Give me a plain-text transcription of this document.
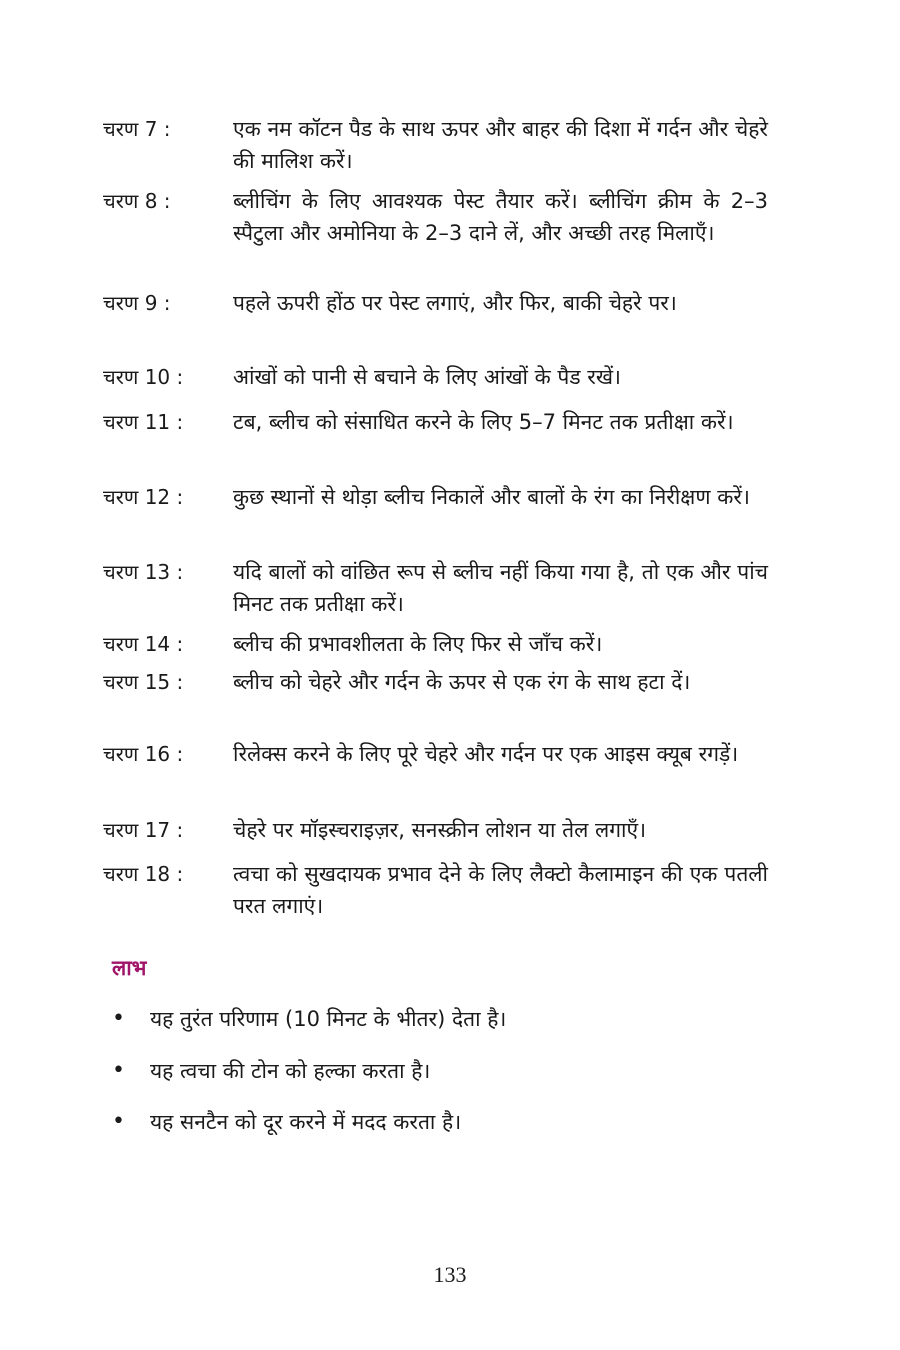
चरण 7 :	एक नम कॉटन पैड के साथ ऊपर और बाहर की दिशा में गर्दन और चेहरे की मालिश करें।
चरण 8 :	ब्लीचिंग के लिए आवश्यक पेस्ट तैयार करें। ब्लीचिंग क्रीम के 2–3 स्पैटुला और अमोनिया के 2–3 दाने लें, और अच्छी तरह मिलाएँ।
चरण 9 :	पहले ऊपरी होंठ पर पेस्ट लगाएं, और फिर, बाकी चेहरे पर।
चरण 10 :	आंखों को पानी से बचाने के लिए आंखों के पैड रखें।
चरण 11 :	टब, ब्लीच को संसाधित करने के लिए 5–7 मिनट तक प्रतीक्षा करें।
चरण 12 :	कुछ स्थानों से थोड़ा ब्लीच निकालें और बालों के रंग का निरीक्षण करें।
चरण 13 :	यदि बालों को वांछित रूप से ब्लीच नहीं किया गया है, तो एक और पांच मिनट तक प्रतीक्षा करें।
चरण 14 :	ब्लीच की प्रभावशीलता के लिए फिर से जाँच करें।
चरण 15 :	ब्लीच को चेहरे और गर्दन के ऊपर से एक रंग के साथ हटा दें।
चरण 16 :	रिलेक्स करने के लिए पूरे चेहरे और गर्दन पर एक आइस क्यूब रगड़ें।
चरण 17 :	चेहरे पर मॉइस्चराइज़र, सनस्क्रीन लोशन या तेल लगाएँ।
चरण 18 :	त्वचा को सुखदायक प्रभाव देने के लिए लैक्टो कैलामाइन की एक पतली परत लगाएं।
लाभ
•	यह तुरंत परिणाम (10 मिनट के भीतर) देता है।
•	यह त्वचा की टोन को हल्का करता है।
•	यह सनटैन को दूर करने में मदद करता है।
133
